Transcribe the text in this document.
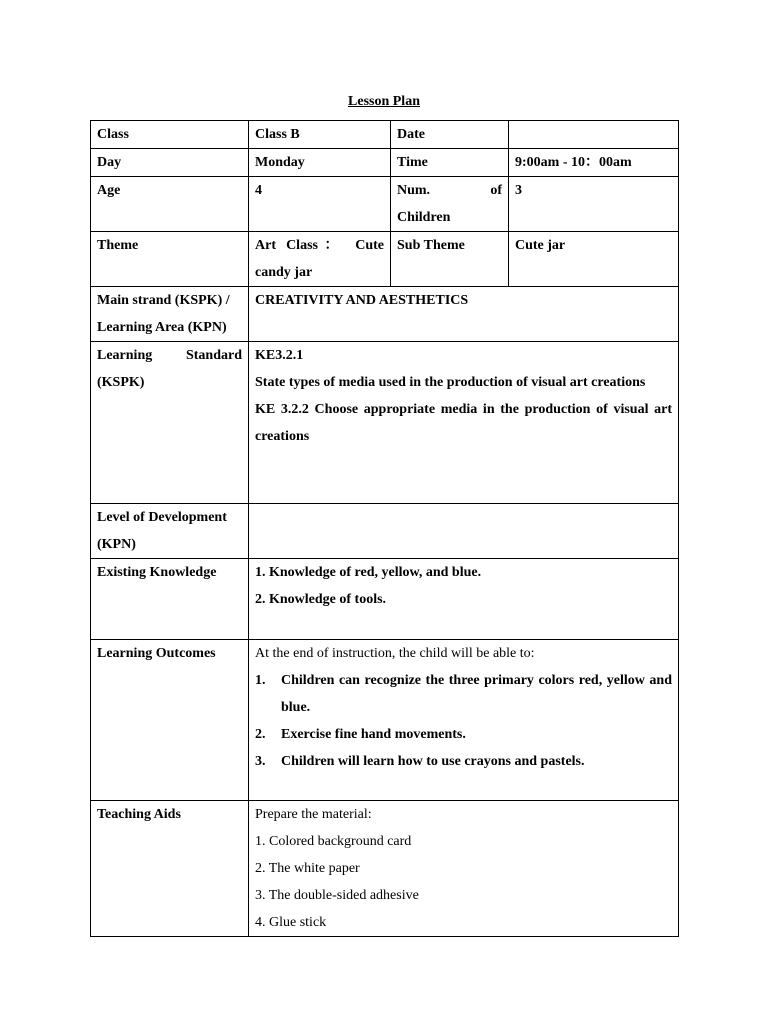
Lesson Plan
Class	Class B	Date	
Day	Monday	Time	9:00am - 10：00am
Age	4	Num. of Children	3
Theme	Art Class： Cute candy jar	Sub Theme	Cute jar
Main strand (KSPK) / Learning Area (KPN)	CREATIVITY AND AESTHETICS		
Learning Standard (KSPK)	KE3.2.1

State types of media used in the production of visual art creations

KE 3.2.2 Choose appropriate media in the production of visual art creations		

Level of Development (KPN)			
Existing Knowledge	1. Knowledge of red, yellow, and blue.

2. Knowledge of tools.		

Learning Outcomes	At the end of instruction, the child will be able to:

1. Children can recognize the three primary colors red, yellow and blue.

2. Exercise fine hand movements.

3. Children will learn how to use crayons and pastels.		

Teaching Aids	Prepare the material:

1. Colored background card

2. The white paper

3. The double-sided adhesive

4. Glue stick		
